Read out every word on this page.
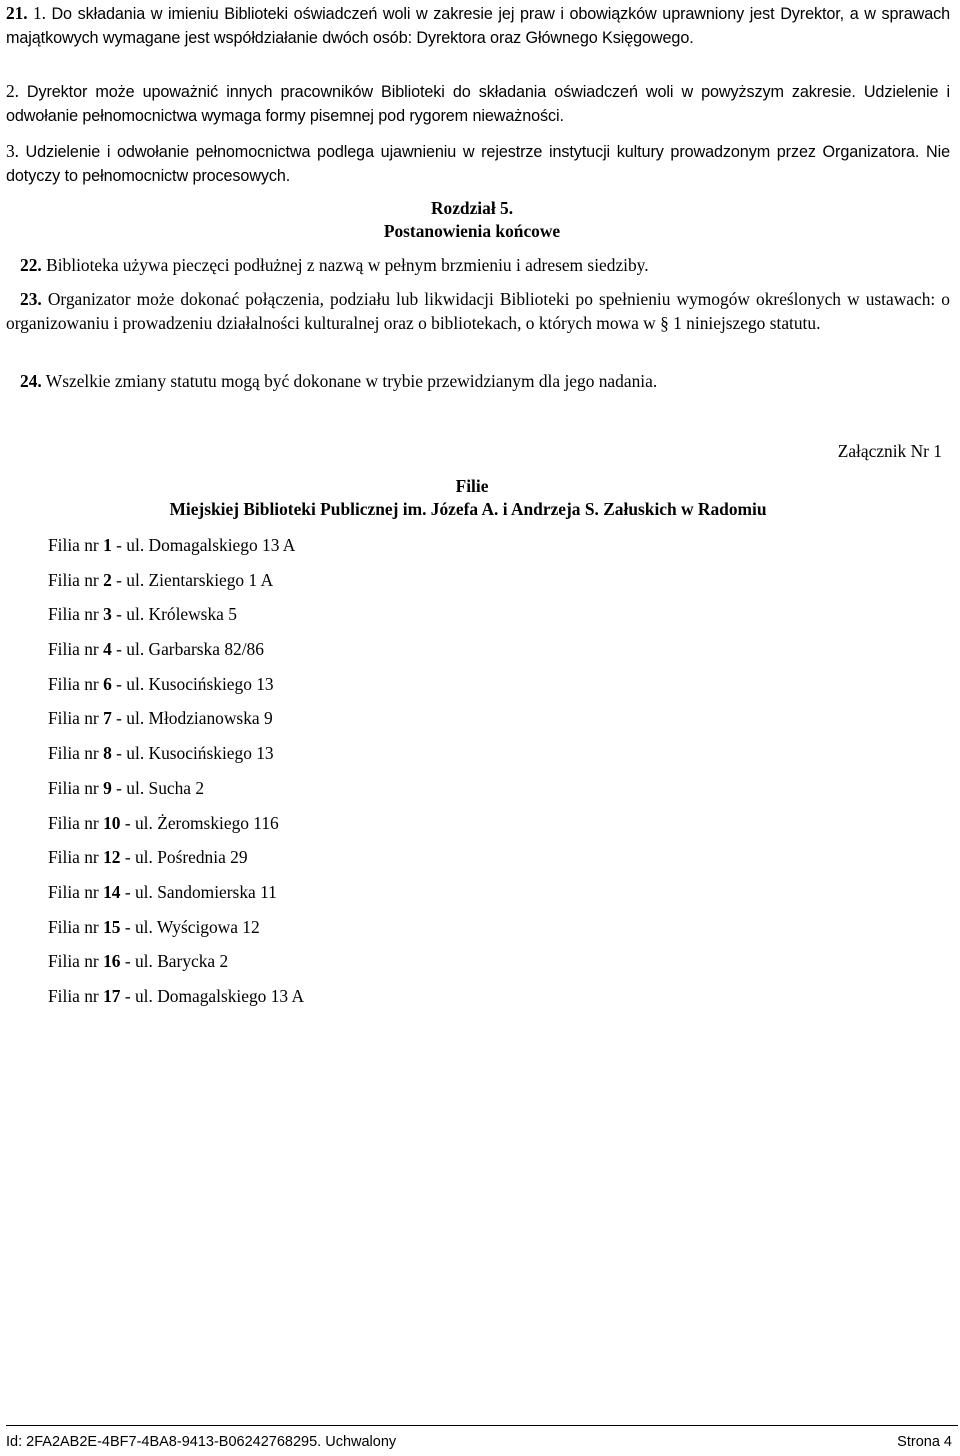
21. 1. Do składania w imieniu Biblioteki oświadczeń woli w zakresie jej praw i obowiązków uprawniony jest Dyrektor, a w sprawach majątkowych wymagane jest współdziałanie dwóch osób: Dyrektora oraz Głównego Księgowego.

2. Dyrektor może upoważnić innych pracowników Biblioteki do składania oświadczeń woli w powyższym zakresie. Udzielenie i odwołanie pełnomocnictwa wymaga formy pisemnej pod rygorem nieważności.

3. Udzielenie i odwołanie pełnomocnictwa podlega ujawnieniu w rejestrze instytucji kultury prowadzonym przez Organizatora. Nie dotyczy to pełnomocnictw procesowych.

Rozdział 5.

Postanowienia końcowe

22. Biblioteka używa pieczęci podłużnej z nazwą w pełnym brzmieniu i adresem siedziby.

23. Organizator może dokonać połączenia, podziału lub likwidacji Biblioteki po spełnieniu wymogów określonych w ustawach: o organizowaniu i prowadzeniu działalności kulturalnej oraz o bibliotekach, o których mowa w § 1 niniejszego statutu.

24. Wszelkie zmiany statutu mogą być dokonane w trybie przewidzianym dla jego nadania.

Załącznik Nr 1
Filie
Miejskiej Biblioteki Publicznej im. Józefa A. i Andrzeja S. Załuskich w Radomiu
Filia nr 1 - ul. Domagalskiego 13 A
Filia nr 2 - ul. Zientarskiego 1 A
Filia nr 3 - ul. Królewska 5
Filia nr 4 - ul. Garbarska 82/86
Filia nr 6 - ul. Kusocińskiego 13
Filia nr 7 - ul. Młodzianowska 9
Filia nr 8 - ul. Kusocińskiego 13
Filia nr 9 - ul. Sucha 2
Filia nr 10 - ul. Żeromskiego 116
Filia nr 12 - ul. Pośrednia 29
Filia nr 14 - ul. Sandomierska 11
Filia nr 15 - ul. Wyścigowa 12
Filia nr 16 - ul. Barycka 2
Filia nr 17 - ul. Domagalskiego 13 A
Id: 2FA2AB2E-4BF7-4BA8-9413-B06242768295. Uchwalony	Strona 4
